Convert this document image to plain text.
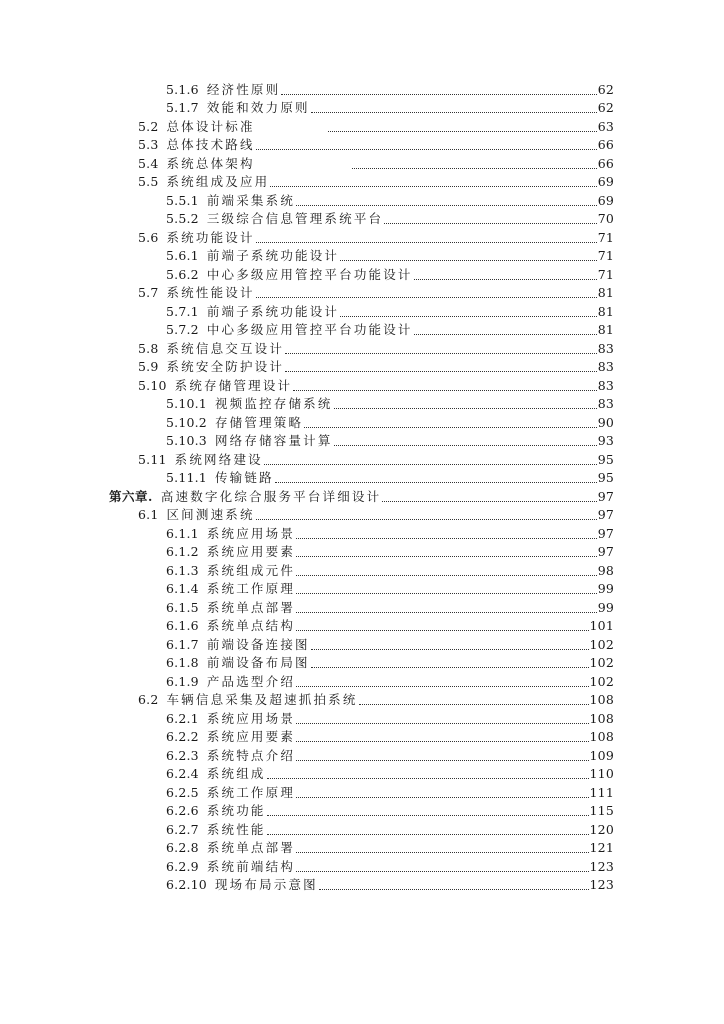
5.1.6 经济性原则	62
5.1.7 效能和效力原则	62
5.2 总体设计标准	63
5.3 总体技术路线	66
5.4 系统总体架构	66
5.5 系统组成及应用	69
5.5.1 前端采集系统	69
5.5.2 三级综合信息管理系统平台	70
5.6 系统功能设计	71
5.6.1 前端子系统功能设计	71
5.6.2 中心多级应用管控平台功能设计	71
5.7 系统性能设计	81
5.7.1 前端子系统功能设计	81
5.7.2 中心多级应用管控平台功能设计	81
5.8 系统信息交互设计	83
5.9 系统安全防护设计	83
5.10 系统存储管理设计	83
5.10.1 视频监控存储系统	83
5.10.2 存储管理策略	90
5.10.3 网络存储容量计算	93
5.11 系统网络建设	95
5.11.1 传输链路	95
第六章. 高速数字化综合服务平台详细设计	97
6.1 区间测速系统	97
6.1.1 系统应用场景	97
6.1.2 系统应用要素	97
6.1.3 系统组成元件	98
6.1.4 系统工作原理	99
6.1.5 系统单点部署	99
6.1.6 系统单点结构	101
6.1.7 前端设备连接图	102
6.1.8 前端设备布局图	102
6.1.9 产品选型介绍	102
6.2 车辆信息采集及超速抓拍系统	108
6.2.1 系统应用场景	108
6.2.2 系统应用要素	108
6.2.3 系统特点介绍	109
6.2.4 系统组成	110
6.2.5 系统工作原理	111
6.2.6 系统功能	115
6.2.7 系统性能	120
6.2.8 系统单点部署	121
6.2.9 系统前端结构	123
6.2.10 现场布局示意图	123
